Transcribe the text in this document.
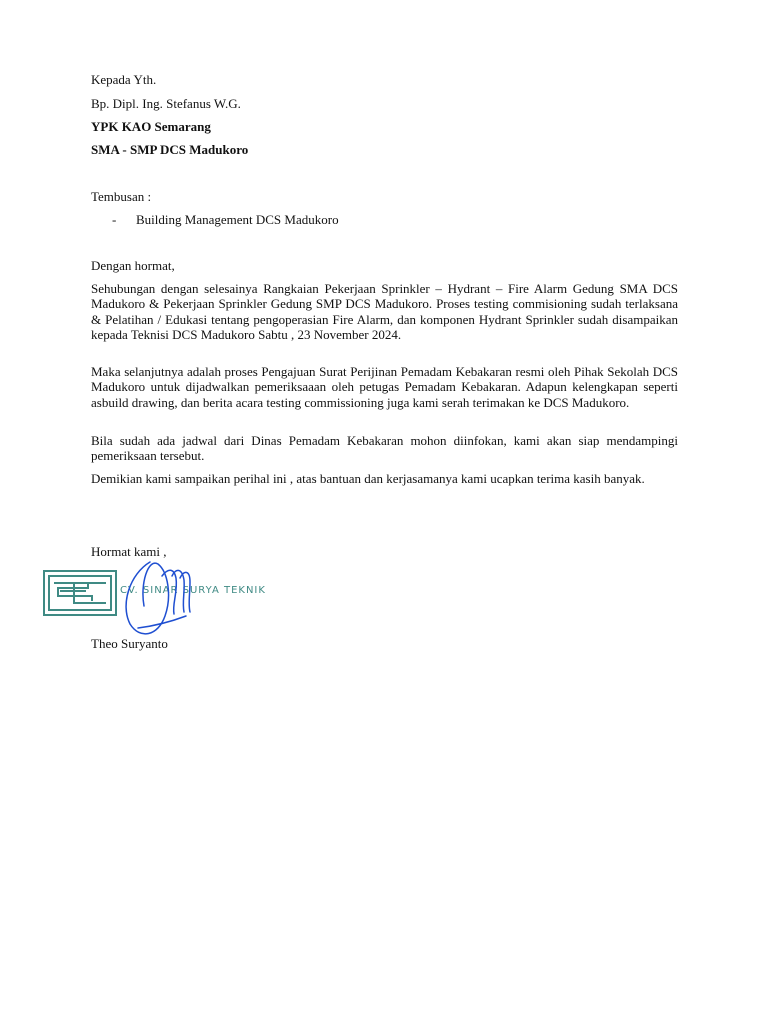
Kepada Yth.
Bp. Dipl. Ing. Stefanus W.G.
YPK KAO Semarang
SMA - SMP DCS Madukoro
Tembusan :
- Building Management DCS Madukoro
Dengan hormat,

Sehubungan dengan selesainya Rangkaian Pekerjaan Sprinkler – Hydrant – Fire Alarm Gedung SMA DCS Madukoro & Pekerjaan Sprinkler Gedung SMP DCS Madukoro. Proses testing commisioning sudah terlaksana & Pelatihan / Edukasi tentang pengoperasian Fire Alarm, dan komponen Hydrant Sprinkler sudah disampaikan kepada Teknisi DCS Madukoro Sabtu , 23 November 2024.

Maka selanjutnya adalah proses Pengajuan Surat Perijinan Pemadam Kebakaran resmi oleh Pihak Sekolah DCS Madukoro untuk dijadwalkan pemeriksaaan oleh petugas Pemadam Kebakaran. Adapun kelengkapan seperti asbuild drawing, dan berita acara testing commissioning juga kami serah terimakan ke DCS Madukoro.

Bila sudah ada jadwal dari Dinas Pemadam Kebakaran mohon diinfokan, kami akan siap mendampingi pemeriksaan tersebut.

Demikian kami sampaikan perihal ini , atas bantuan dan kerjasamanya kami ucapkan terima kasih banyak.

Hormat kami ,
CV. SINAR SURYA TEKNIK
Theo Suryanto
